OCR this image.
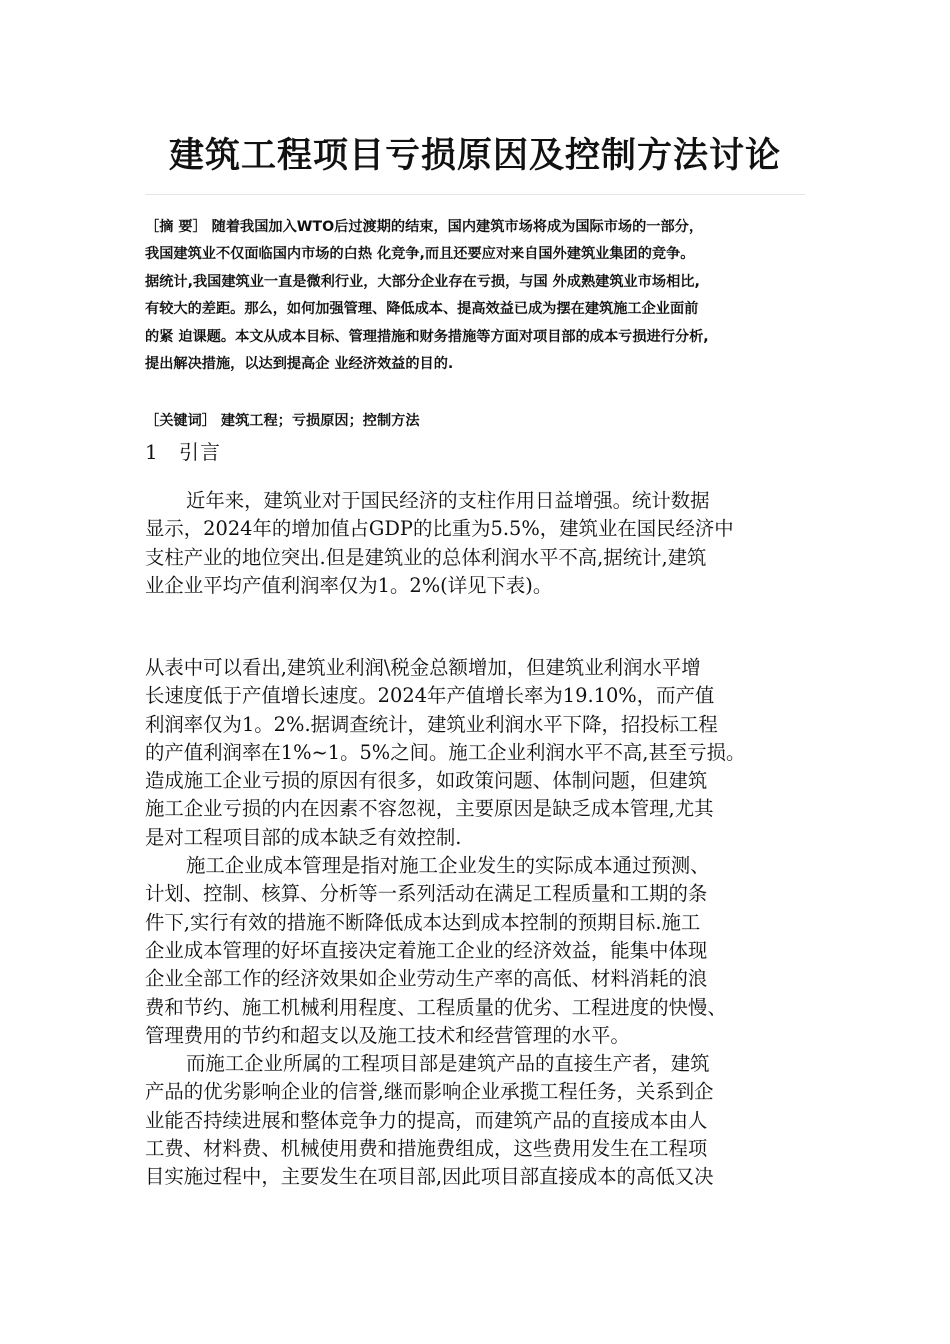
建筑工程项目亏损原因及控制方法讨论
［摘 要］ 随着我国加入WTO后过渡期的结束，国内建筑市场将成为国际市场的一部分，
我国建筑业不仅面临国内市场的白热 化竞争,而且还要应对来自国外建筑业集团的竞争。
据统计,我国建筑业一直是微利行业，大部分企业存在亏损，与国 外成熟建筑业市场相比,
有较大的差距。那么，如何加强管理、降低成本、提高效益已成为摆在建筑施工企业面前
的紧 迫课题。本文从成本目标、管理措施和财务措施等方面对项目部的成本亏损进行分析,
提出解决措施，以达到提高企 业经济效益的目的.
［关键词］ 建筑工程；亏损原因；控制方法
1 引言
近年来，建筑业对于国民经济的支柱作用日益增强。统计数据
显示，2024年的增加值占GDP的比重为5.5%，建筑业在国民经济中
支柱产业的地位突出.但是建筑业的总体利润水平不高,据统计,建筑
业企业平均产值利润率仅为1。2%(详见下表)。
从表中可以看出,建筑业利润\税金总额增加，但建筑业利润水平增
长速度低于产值增长速度。2024年产值增长率为19.10%，而产值
利润率仅为1。2%.据调查统计，建筑业利润水平下降，招投标工程
的产值利润率在1%~1。5%之间。施工企业利润水平不高,甚至亏损。
造成施工企业亏损的原因有很多，如政策问题、体制问题，但建筑
施工企业亏损的内在因素不容忽视，主要原因是缺乏成本管理,尤其
是对工程项目部的成本缺乏有效控制.
施工企业成本管理是指对施工企业发生的实际成本通过预测、
计划、控制、核算、分析等一系列活动在满足工程质量和工期的条
件下,实行有效的措施不断降低成本达到成本控制的预期目标.施工
企业成本管理的好坏直接决定着施工企业的经济效益，能集中体现
企业全部工作的经济效果如企业劳动生产率的高低、材料消耗的浪
费和节约、施工机械利用程度、工程质量的优劣、工程进度的快慢、
管理费用的节约和超支以及施工技术和经营管理的水平。
而施工企业所属的工程项目部是建筑产品的直接生产者，建筑
产品的优劣影响企业的信誉,继而影响企业承揽工程任务，关系到企
业能否持续进展和整体竞争力的提高，而建筑产品的直接成本由人
工费、材料费、机械使用费和措施费组成，这些费用发生在工程项
目实施过程中，主要发生在项目部,因此项目部直接成本的高低又决
